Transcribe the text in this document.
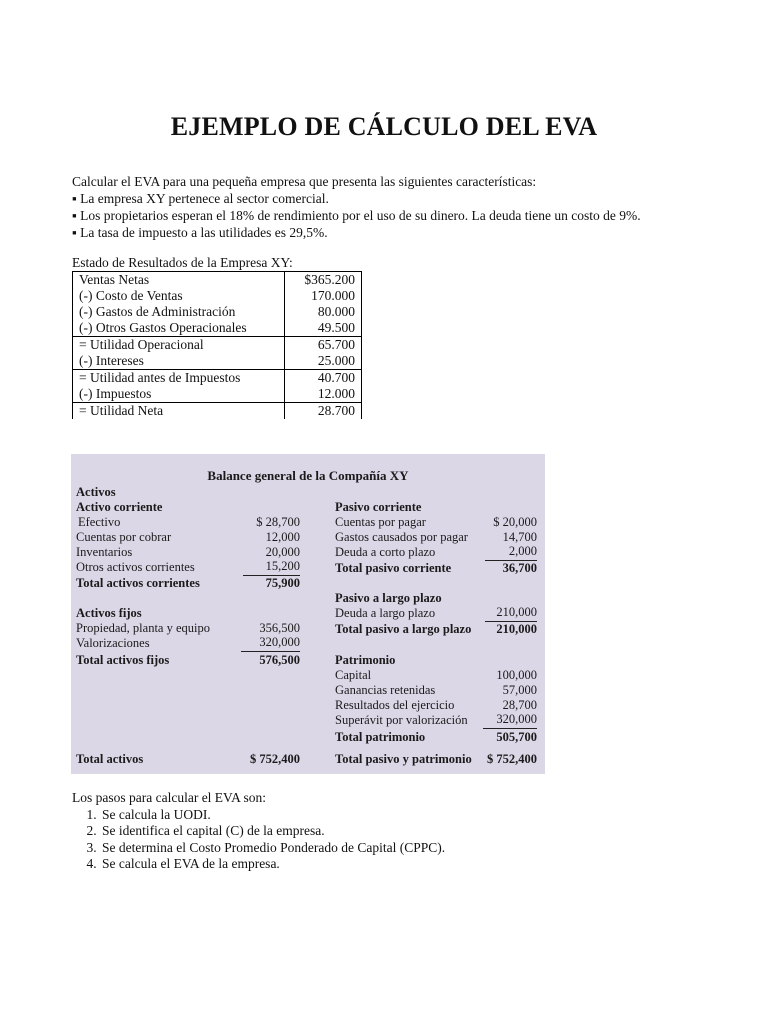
EJEMPLO DE CÁLCULO DEL EVA
Calcular el EVA para una pequeña empresa que presenta las siguientes características:
▪ La empresa XY pertenece al sector comercial.
▪ Los propietarios esperan el 18% de rendimiento por el uso de su dinero. La deuda tiene un costo de 9%.
▪ La tasa de impuesto a las utilidades es 29,5%.
Estado de Resultados de la Empresa XY:
Ventas Netas	$365.200
(-) Costo de Ventas	170.000
(-) Gastos de Administración	80.000
(-) Otros Gastos Operacionales	49.500
= Utilidad Operacional	65.700
(-) Intereses	25.000
= Utilidad antes de Impuestos	40.700
(-) Impuestos	12.000
= Utilidad Neta	28.700
Balance general de la Compañía XY
Activos
Activo corriente
Efectivo	$ 28,700
Cuentas por cobrar	12,000
Inventarios	20,000
Otros activos corrientes	15,200
Total activos corrientes	75,900
Activos fijos
Propiedad, planta y equipo	356,500
Valorizaciones	320,000
Total activos fijos	576,500
Total activos	$ 752,400
Pasivo corriente
Cuentas por pagar	$ 20,000
Gastos causados por pagar	14,700
Deuda a corto plazo	2,000
Total pasivo corriente	36,700
Pasivo a largo plazo
Deuda a largo plazo	210,000
Total pasivo a largo plazo	210,000
Patrimonio
Capital	100,000
Ganancias retenidas	57,000
Resultados del ejercicio	28,700
Superávit por valorización	320,000
Total patrimonio	505,700
Total pasivo y patrimonio	$ 752,400
Los pasos para calcular el EVA son:
1. Se calcula la UODI.
2. Se identifica el capital (C) de la empresa.
3. Se determina el Costo Promedio Ponderado de Capital (CPPC).
4. Se calcula el EVA de la empresa.
